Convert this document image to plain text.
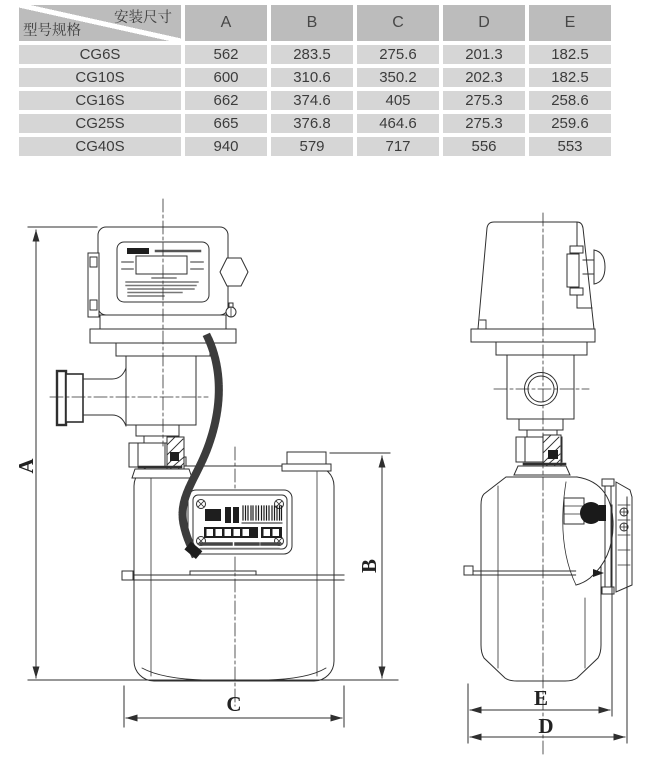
安装尺寸
型号规格	A	B	C	D	E
CG6S	562	283.5	275.6	201.3	182.5
CG10S	600	310.6	350.2	202.3	182.5
CG16S	662	374.6	405	275.3	258.6
CG25S	665	376.8	464.6	275.3	259.6
CG40S	940	579	717	556	553
A
B
C	E
D
